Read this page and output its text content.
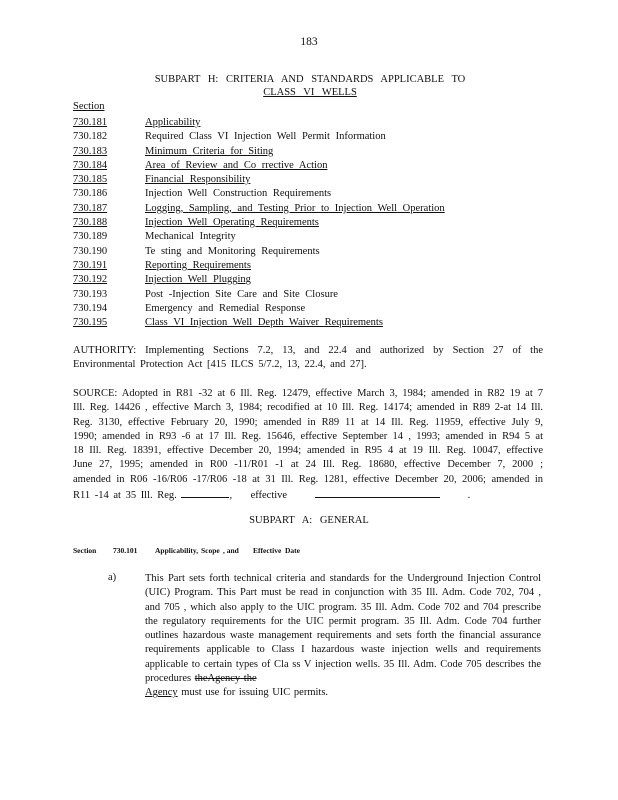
183
SUBPART H: CRITERIA AND STANDARDS APPLICABLE TO
CLASS VI WELLS
Section
730.181	Applicability
730.182	Required Class VI Injection Well Permit Information
730.183	Minimum Criteria for Siting
730.184	Area of Review and Co rrective Action
730.185	Financial Responsibility
730.186	Injection Well Construction Requirements
730.187	Logging, Sampling, and Testing Prior to Injection Well Operation
730.188	Injection Well Operating Requirements
730.189	Mechanical Integrity
730.190	Te sting and Monitoring Requirements
730.191	Reporting Requirements
730.192	Injection Well Plugging
730.193	Post -Injection Site Care and Site Closure
730.194	Emergency and Remedial Response
730.195	Class VI Injection Well Depth Waiver Requirements
AUTHORITY: Implementing Sections 7.2, 13, and 22.4 and authorized by Section 27 of the Environmental Protection Act [415 ILCS 5/7.2, 13, 22.4, and 27].
SOURCE: Adopted in R81 -32 at 6 Ill. Reg. 12479, effective March 3, 1984; amended in R82 19 at 7 Ill. Reg. 14426 , effective March 3, 1984; recodified at 10 Ill. Reg. 14174; amended in R89 2-at 14 Ill. Reg. 3130, effective February 20, 1990; amended in R89 11 at 14 Ill. Reg. 11959, effective July 9, 1990; amended in R93 -6 at 17 Ill. Reg. 15646, effective September 14 , 1993; amended in R94 5 at 18 Ill. Reg. 18391, effective December 20, 1994; amended in R95 4 at 19 Ill. Reg. 10047, effective June 27, 1995; amended in R00 -11/R01 -1 at 24 Ill. Reg. 18680, effective December 7, 2000 ; amended in R06 -16/R06 -17/R06 -18 at 31 Ill. Reg. 1281, effective December 20, 2006; amended in R11 -14 at 35 Ill. Reg.	, effective	.
SUBPART A: GENERAL
Section 730.101 Applicability, Scope , and Effective Date
a)	This Part sets forth technical criteria and standards for the Underground Injection Control (UIC) Program. This Part must be read in conjunction with 35 Ill. Adm. Code 702, 704 , and 705 , which also apply to the UIC program. 35 Ill. Adm. Code 702 and 704 prescribe the regulatory requirements for the UIC permit program. 35 Ill. Adm. Code 704 further outlines hazardous waste management requirements and sets forth the financial assurance requirements applicable to Class I hazardous waste injection wells and requirements applicable to certain types of Cla ss V injection wells. 35 Ill. Adm. Code 705 describes the procedures theAgency the
Agency must use for issuing UIC permits.
